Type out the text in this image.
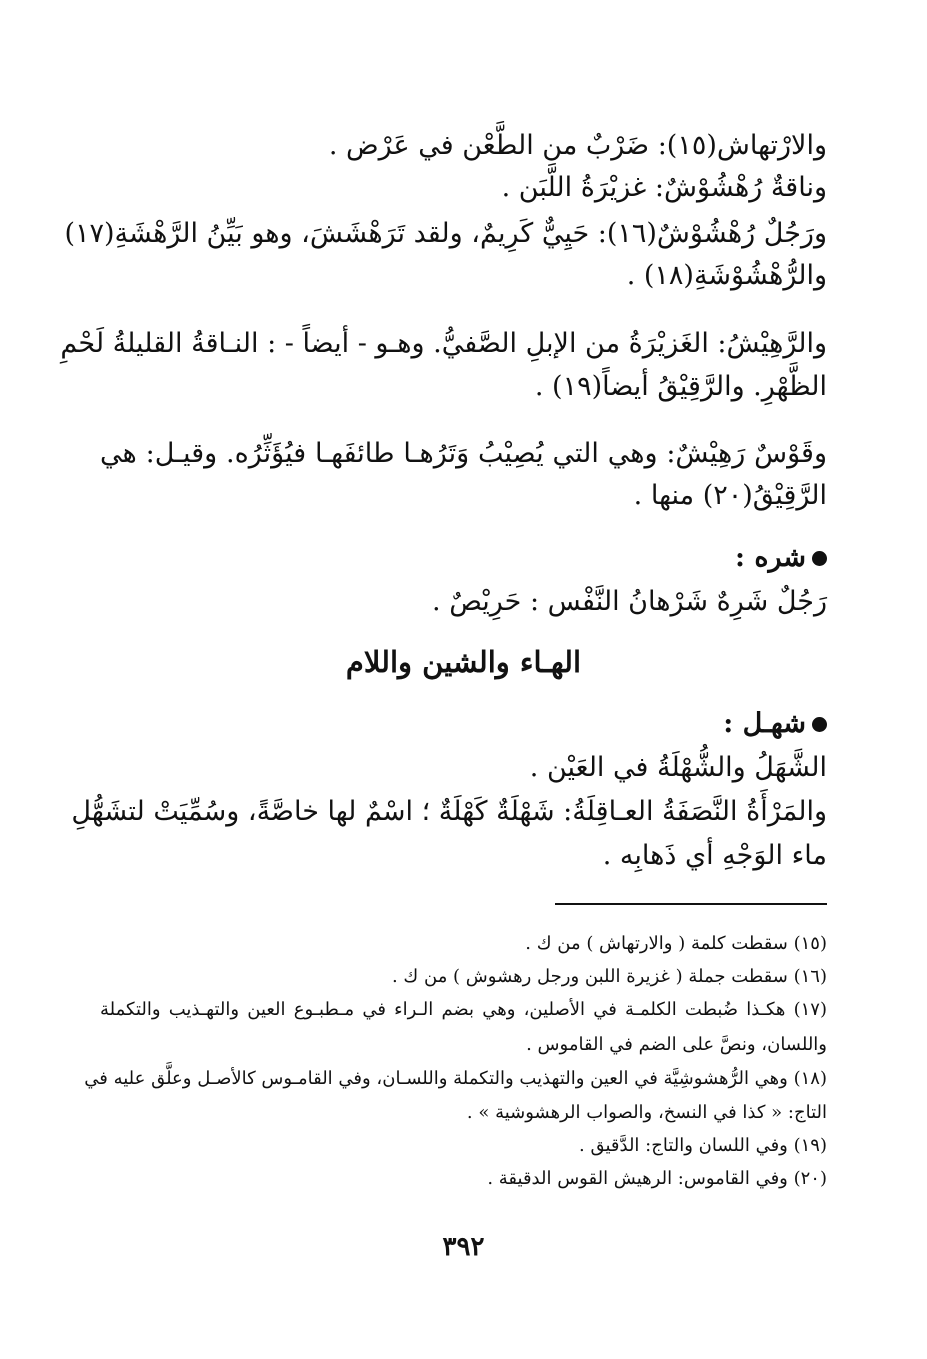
والارْتهاش(١٥): ضَرْبٌ من الطَّعْن في عَرْض .

وناقةٌ رُهْشُوْشٌ: غزيْرَةُ اللَّبَن .

ورَجُلٌ رُهْشُوْشٌ(١٦): حَيِيٌّ كَرِيمٌ، ولقد تَرَهْشَشَ، وهو بَيِّنُ الرَّهْشَةِ(١٧)

والرُّهْشُوْشَةِ(١٨) .

والرَّهِيْشُ: الغَزيْرَةُ من الإبلِ الصَّفيُّ. وهـو - أيضاً - : النـاقةُ القليلةُ لَحْمِ

الظَّهْرِ. والرَّقِيْقُ أيضاً(١٩) .

وقَوْسٌ رَهِيْشٌ: وهي التي يُصِيْبُ وَتَرُهـا طائفَهـا فيُؤَثِّرُه. وقيـل: هي

الرَّقِيْقُ(٢٠) منها .

شره :

رَجُلٌ شَرِهٌ شَرْهانُ النَّفْس : حَرِيْصٌ .

الهـاء والشين واللام

شهـل :

الشَّهَلُ والشُّهْلَةُ في العَيْن .

والمَرْأَةُ النَّصَفَةُ العـاقِلَةُ: شَهْلَةٌ كَهْلَةٌ ؛ اسْمٌ لها خاصَّةً، وسُمِّيَتْ لتشَهُّلِ

ماء الوَجْهِ أي ذَهابِه .

(١٥) سقطت كلمة ( والارتهاش ) من ك .

(١٦) سقطت جملة ( غزيرة اللبن ورجل رهشوش ) من ك .

(١٧) هكـذا ضُبطت الكلمـة في الأصلين، وهي بضم الـراء في مـطبـوع العين والتهـذيب والتكملة

واللسان، ونصَّ على الضم في القاموس .

(١٨) وهي الرُّهشوشِيَّة في العين والتهذيب والتكملة واللسـان، وفي القامـوس كالأصـل وعلَّق عليه في

التاج: « كذا في النسخ، والصواب الرهشوشية » .

(١٩) وفي اللسان والتاج: الدَّقيق .

(٢٠) وفي القاموس: الرهيش القوس الدقيقة .

٣٩٢
